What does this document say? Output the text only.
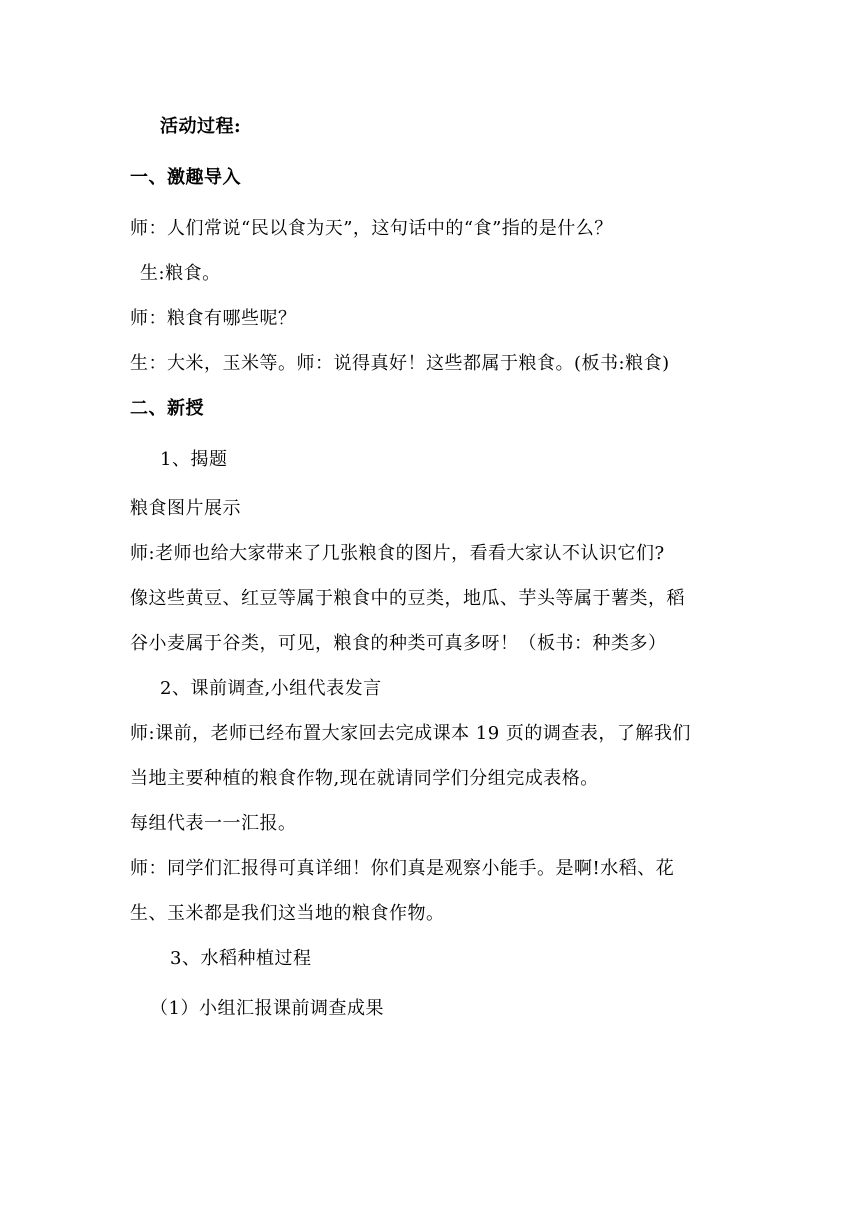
活动过程:
一、激趣导入
师：人们常说“民以食为天”，这句话中的“食”指的是什么？
生:粮食。
师：粮食有哪些呢？
生：大米，玉米等。师：说得真好！这些都属于粮食。(板书:粮食)
二、新授
1、揭题
粮食图片展示
师:老师也给大家带来了几张粮食的图片，看看大家认不认识它们?
像这些黄豆、红豆等属于粮食中的豆类，地瓜、芋头等属于薯类，稻
谷小麦属于谷类，可见，粮食的种类可真多呀！（板书：种类多）
2、课前调查,小组代表发言
师:课前，老师已经布置大家回去完成课本 19 页的调查表，了解我们
当地主要种植的粮食作物,现在就请同学们分组完成表格。
每组代表一一汇报。
师：同学们汇报得可真详细！你们真是观察小能手。是啊!水稻、花
生、玉米都是我们这当地的粮食作物。
3、水稻种植过程
（1）小组汇报课前调查成果
